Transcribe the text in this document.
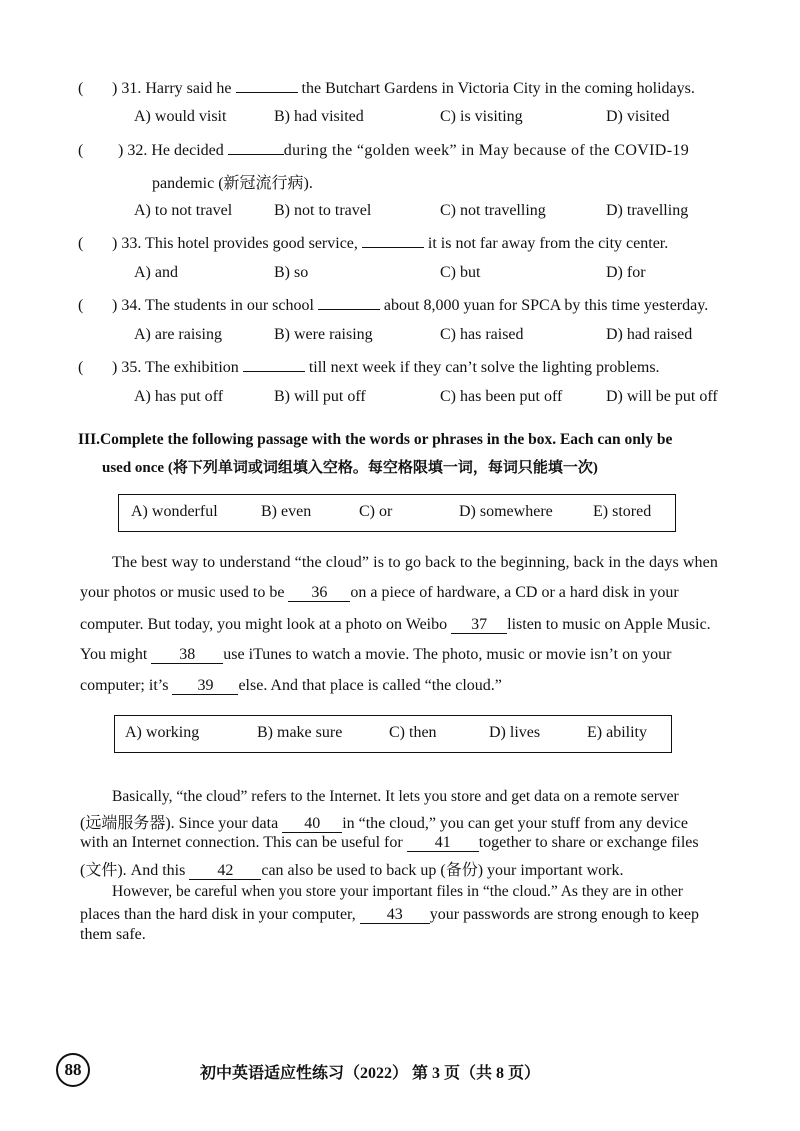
( ) 31. Harry said he	the Butchart Gardens in Victoria City in the coming holidays.
A) would visit	B) had visited	C) is visiting	D) visited
( ) 32. He decided	during the “golden week” in May because of the COVID-19
pandemic (新冠流行病).
A) to not travel	B) not to travel	C) not travelling	D) travelling
( ) 33. This hotel provides good service,	it is not far away from the city center.
A) and	B) so	C) but	D) for
( ) 34. The students in our school	about 8,000 yuan for SPCA by this time yesterday.
A) are raising	B) were raising	C) has raised	D) had raised
( ) 35. The exhibition	till next week if they can’t solve the lighting problems.
A) has put off	B) will put off	C) has been put off	D) will be put off
III.Complete the following passage with the words or phrases in the box. Each can only be
used once (将下列单词或词组填入空格。每空格限填一词，每词只能填一次)
A) wonderful	B) even	C) or	D) somewhere	E) stored
The best way to understand “the cloud” is to go back to the beginning, back in the days when
your photos or music used to be 36 on a piece of hardware, a CD or a hard disk in your
computer. But today, you might look at a photo on Weibo 37 listen to music on Apple Music.
You might 38 use iTunes to watch a movie. The photo, music or movie isn’t on your
computer; it’s 39 else. And that place is called “the cloud.”
A) working	B) make sure	C) then	D) lives	E) ability
Basically, “the cloud” refers to the Internet. It lets you store and get data on a remote server
(远端服务器). Since your data 40 in “the cloud,” you can get your stuff from any device
with an Internet connection. This can be useful for 41 together to share or exchange files
(文件). And this 42 can also be used to back up (备份) your important work.
However, be careful when you store your important files in “the cloud.” As they are in other
places than the hard disk in your computer, 43 your passwords are strong enough to keep
them safe.
88	初中英语适应性练习（2022） 第 3 页（共 8 页）
